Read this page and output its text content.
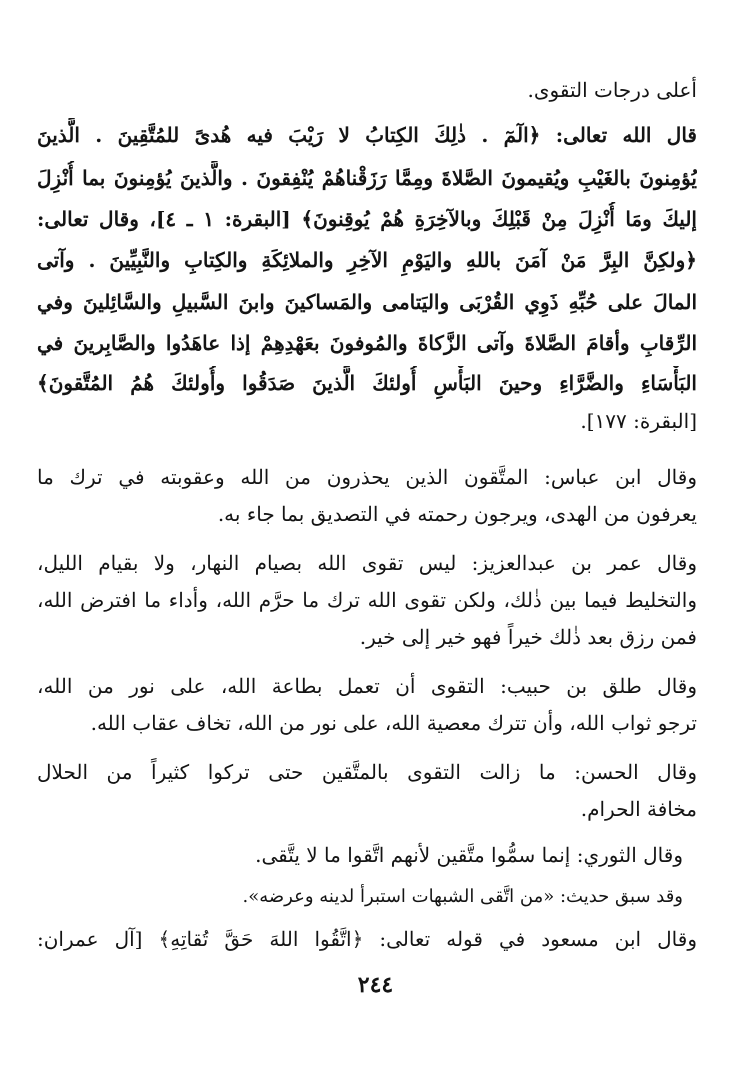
أعلى درجات التقوى.
قال الله تعالى: ﴿الٓمٓ . ذٰلِكَ الكِتابُ لا رَيْبَ فيه هُدىً للمُتَّقِينَ . الَّذينَ
يُؤمِنونَ بالغَيْبِ ويُقيمونَ الصَّلاةَ ومِمَّا رَزَقْناهُمْ يُنْفِقونَ . والَّذينَ يُؤمِنونَ بما أُنْزِلَ
إليكَ ومَا أُنْزِلَ مِنْ قَبْلِكَ وبالآخِرَةِ هُمْ يُوقِنونَ﴾ [البقرة: ١ ـ ٤]، وقال تعالى:
﴿ولكِنَّ البِرَّ مَنْ آمَنَ باللهِ واليَوْمِ الآخِرِ والملائِكَةِ والكِتابِ والنَّبِيِّينَ . وآتى
المالَ على حُبِّهِ ذَوِي القُرْبَى واليَتامى والمَساكينَ وابنَ السَّبيلِ والسَّائِلينَ وفي
الرِّقابِ وأقامَ الصَّلاةَ وآتى الزَّكاةَ والمُوفونَ بعَهْدِهِمْ إذا عاهَدُوا والصَّابِرينَ في
البَأْسَاءِ والضَّرَّاءِ وحينَ البَأْسِ أُولئكَ الَّذينَ صَدَقُوا وأُولئكَ هُمُ المُتَّقونَ﴾
[البقرة: ١٧٧].
وقال ابن عباس: المتَّقون الذين يحذرون من الله وعقوبته في ترك ما
يعرفون من الهدى، ويرجون رحمته في التصديق بما جاء به.
وقال عمر بن عبدالعزيز: ليس تقوى الله بصيام النهار، ولا بقيام الليل،
والتخليط فيما بين ذٰلك، ولكن تقوى الله ترك ما حرَّم الله، وأداء ما افترض الله،
فمن رزق بعد ذٰلك خيراً فهو خير إلى خير.
وقال طلق بن حبيب: التقوى أن تعمل بطاعة الله، على نور من الله،
ترجو ثواب الله، وأن تترك معصية الله، على نور من الله، تخاف عقاب الله.
وقال الحسن: ما زالت التقوى بالمتَّقين حتى تركوا كثيراً من الحلال
مخافة الحرام.
وقال الثوري: إنما سمُّوا متَّقين لأنهم اتَّقوا ما لا يتَّقى.
وقد سبق حديث: «من اتَّقى الشبهات استبرأ لدينه وعرضه».
وقال ابن مسعود في قوله تعالى: ﴿اتَّقُوا اللهَ حَقَّ تُقاتِهِ﴾ [آل عمران:
٢٤٤
